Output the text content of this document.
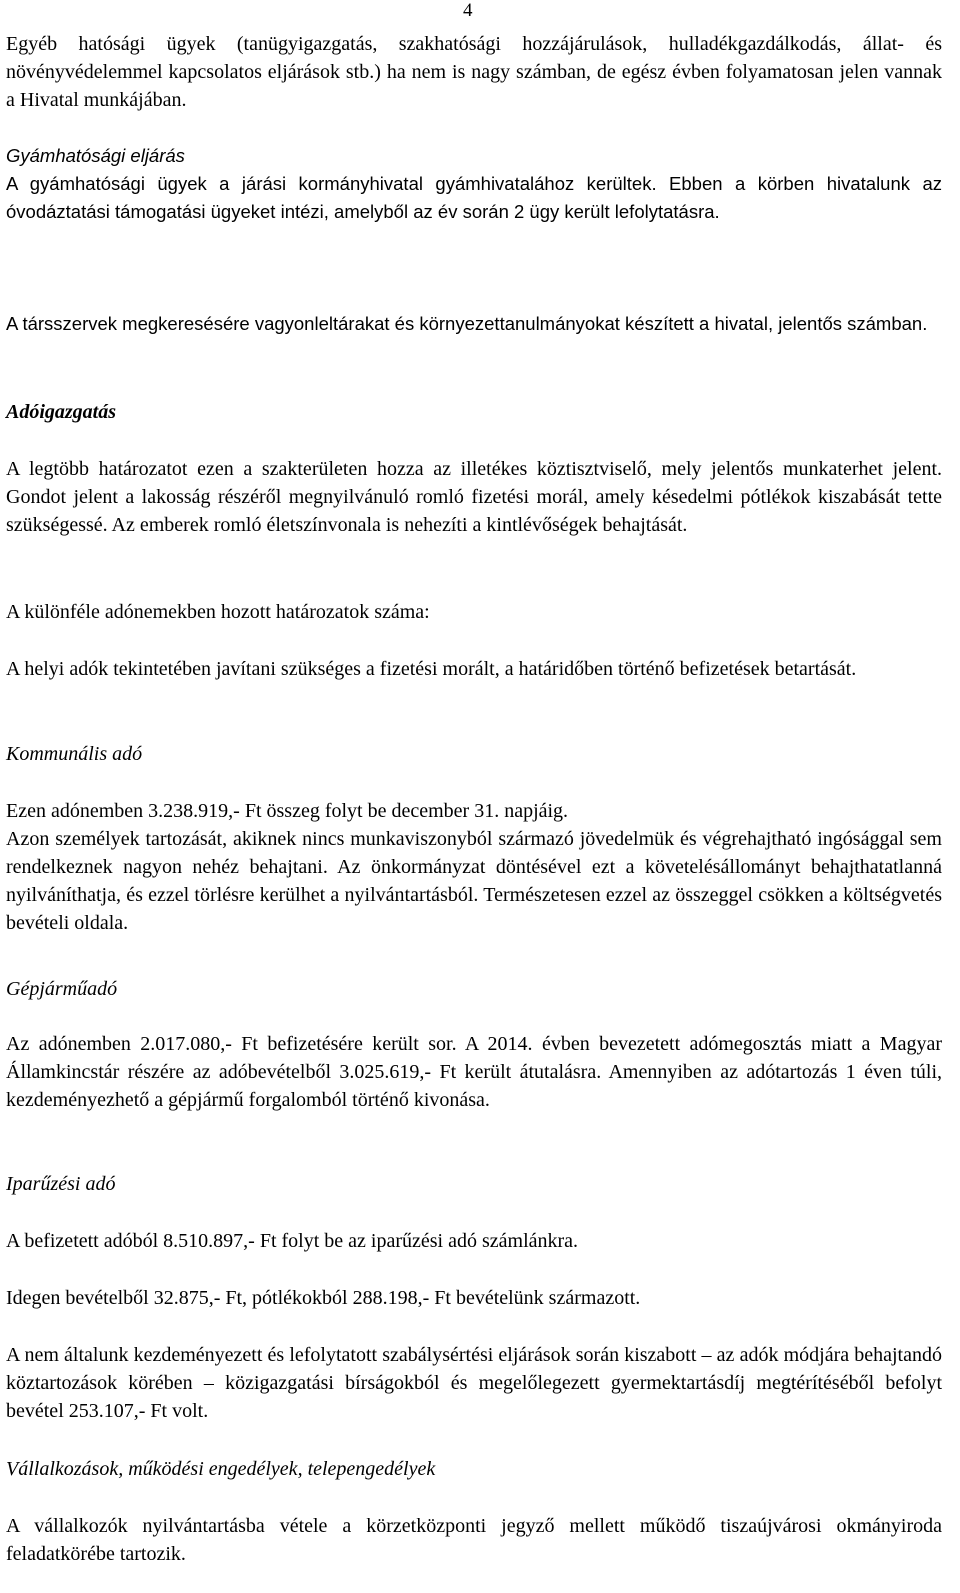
4

Egyéb hatósági ügyek (tanügyigazgatás, szakhatósági hozzájárulások, hulladékgazdálkodás, állat- és növényvédelemmel kapcsolatos eljárások stb.) ha nem is nagy számban, de egész évben folyamatosan jelen vannak a Hivatal munkájában.

Gyámhatósági eljárás

A gyámhatósági ügyek a járási kormányhivatal gyámhivatalához kerültek. Ebben a körben hivatalunk az óvodáztatási támogatási ügyeket intézi, amelyből az év során 2 ügy került lefolytatásra.

A társszervek megkeresésére vagyonleltárakat és környezettanulmányokat készített a hivatal, jelentős számban.

Adóigazgatás

A legtöbb határozatot ezen a szakterületen hozza az illetékes köztisztviselő, mely jelentős munkaterhet jelent. Gondot jelent a lakosság részéről megnyilvánuló romló fizetési morál, amely késedelmi pótlékok kiszabását tette szükségessé. Az emberek romló életszínvonala is nehezíti a kintlévőségek behajtását.

A különféle adónemekben hozott határozatok száma:

A helyi adók tekintetében javítani szükséges a fizetési morált, a határidőben történő befizetések betartását.

Kommunális adó

Ezen adónemben 3.238.919,- Ft összeg folyt be december 31. napjáig.

Azon személyek tartozását, akiknek nincs munkaviszonyból származó jövedelmük és végrehajtható ingósággal sem rendelkeznek nagyon nehéz behajtani. Az önkormányzat döntésével ezt a követelésállományt behajthatatlanná nyilváníthatja, és ezzel törlésre kerülhet a nyilvántartásból. Természetesen ezzel az összeggel csökken a költségvetés bevételi oldala.

Az adónemben 2.017.080,- Ft befizetésére került sor. A 2014. évben bevezetett adómegosztás miatt a Magyar Államkincstár részére az adóbevételből 3.025.619,- Ft került átutalásra. Amennyiben az adótartozás 1 éven túli, kezdeményezhető a gépjármű forgalomból történő kivonása.

Gépjárműadó

Iparűzési adó

A befizetett adóból 8.510.897,- Ft folyt be az iparűzési adó számlánkra.

Idegen bevételből 32.875,- Ft, pótlékokból 288.198,- Ft bevételünk származott.

A nem általunk kezdeményezett és lefolytatott szabálysértési eljárások során kiszabott – az adók módjára behajtandó köztartozások körében – közigazgatási bírságokból és megelőlegezett gyermektartásdíj megtérítéséből befolyt bevétel 253.107,- Ft volt.

Vállalkozások, működési engedélyek, telepengedélyek

A vállalkozók nyilvántartásba vétele a körzetközponti jegyző mellett működő tiszaújvárosi okmányiroda feladatkörébe tartozik.
